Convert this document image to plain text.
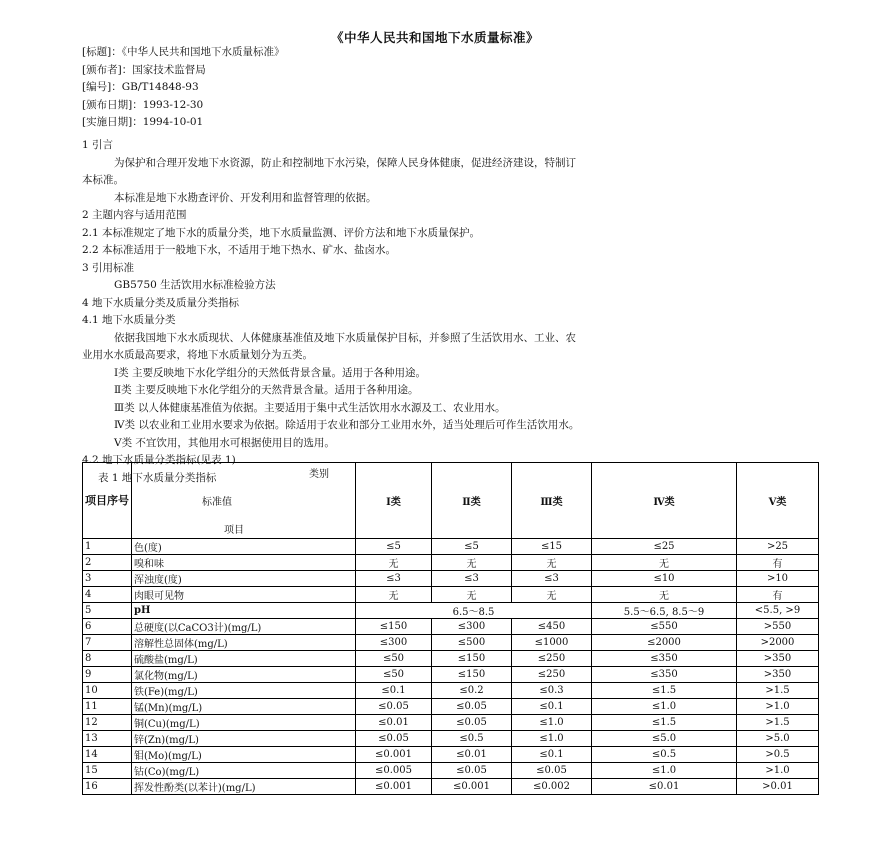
《中华人民共和国地下水质量标准》
[标题]：《中华人民共和国地下水质量标准》
[颁布者]：国家技术监督局
[编号]：GB/T14848-93
[颁布日期]：1993-12-30
[实施日期]：1994-10-01
1 引言
为保护和合理开发地下水资源，防止和控制地下水污染，保障人民身体健康，促进经济建设，特制订
本标准。
本标准是地下水勘查评价、开发利用和监督管理的依据。
2 主题内容与适用范围
2.1 本标准规定了地下水的质量分类，地下水质量监测、评价方法和地下水质量保护。
2.2 本标准适用于一般地下水，不适用于地下热水、矿水、盐卤水。
3 引用标准
GB5750 生活饮用水标准检验方法
4 地下水质量分类及质量分类指标
4.1 地下水质量分类
依据我国地下水水质现状、人体健康基准值及地下水质量保护目标，并参照了生活饮用水、工业、农
业用水水质最高要求，将地下水质量划分为五类。
Ⅰ类 主要反映地下水化学组分的天然低背景含量。适用于各种用途。
Ⅱ类 主要反映地下水化学组分的天然背景含量。适用于各种用途。
Ⅲ类 以人体健康基准值为依据。主要适用于集中式生活饮用水水源及工、农业用水。
Ⅳ类 以农业和工业用水要求为依据。除适用于农业和部分工业用水外，适当处理后可作生活饮用水。
Ⅴ类 不宜饮用，其他用水可根据使用目的选用。
4.2 地下水质量分类指标(见表 1)
表 1 地下水质量分类指标
项目序号	类别
标准值
项目	Ⅰ类	Ⅱ类	Ⅲ类	Ⅳ类	Ⅴ类
1	色(度)	≤5	≤5	≤15	≤25	>25
2	嗅和味	无	无	无	无	有
3	浑浊度(度)	≤3	≤3	≤3	≤10	>10
4	肉眼可见物	无	无	无	无	有
5	pH	6.5～8.5			5.5～6.5, 8.5～9	<5.5, >9
6	总硬度(以CaCO3计)(mg/L)	≤150	≤300	≤450	≤550	>550
7	溶解性总固体(mg/L)	≤300	≤500	≤1000	≤2000	>2000
8	硫酸盐(mg/L)	≤50	≤150	≤250	≤350	>350
9	氯化物(mg/L)	≤50	≤150	≤250	≤350	>350
10	铁(Fe)(mg/L)	≤0.1	≤0.2	≤0.3	≤1.5	>1.5
11	锰(Mn)(mg/L)	≤0.05	≤0.05	≤0.1	≤1.0	>1.0
12	铜(Cu)(mg/L)	≤0.01	≤0.05	≤1.0	≤1.5	>1.5
13	锌(Zn)(mg/L)	≤0.05	≤0.5	≤1.0	≤5.0	>5.0
14	钼(Mo)(mg/L)	≤0.001	≤0.01	≤0.1	≤0.5	>0.5
15	钴(Co)(mg/L)	≤0.005	≤0.05	≤0.05	≤1.0	>1.0
16	挥发性酚类(以苯计)(mg/L)	≤0.001	≤0.001	≤0.002	≤0.01	>0.01
